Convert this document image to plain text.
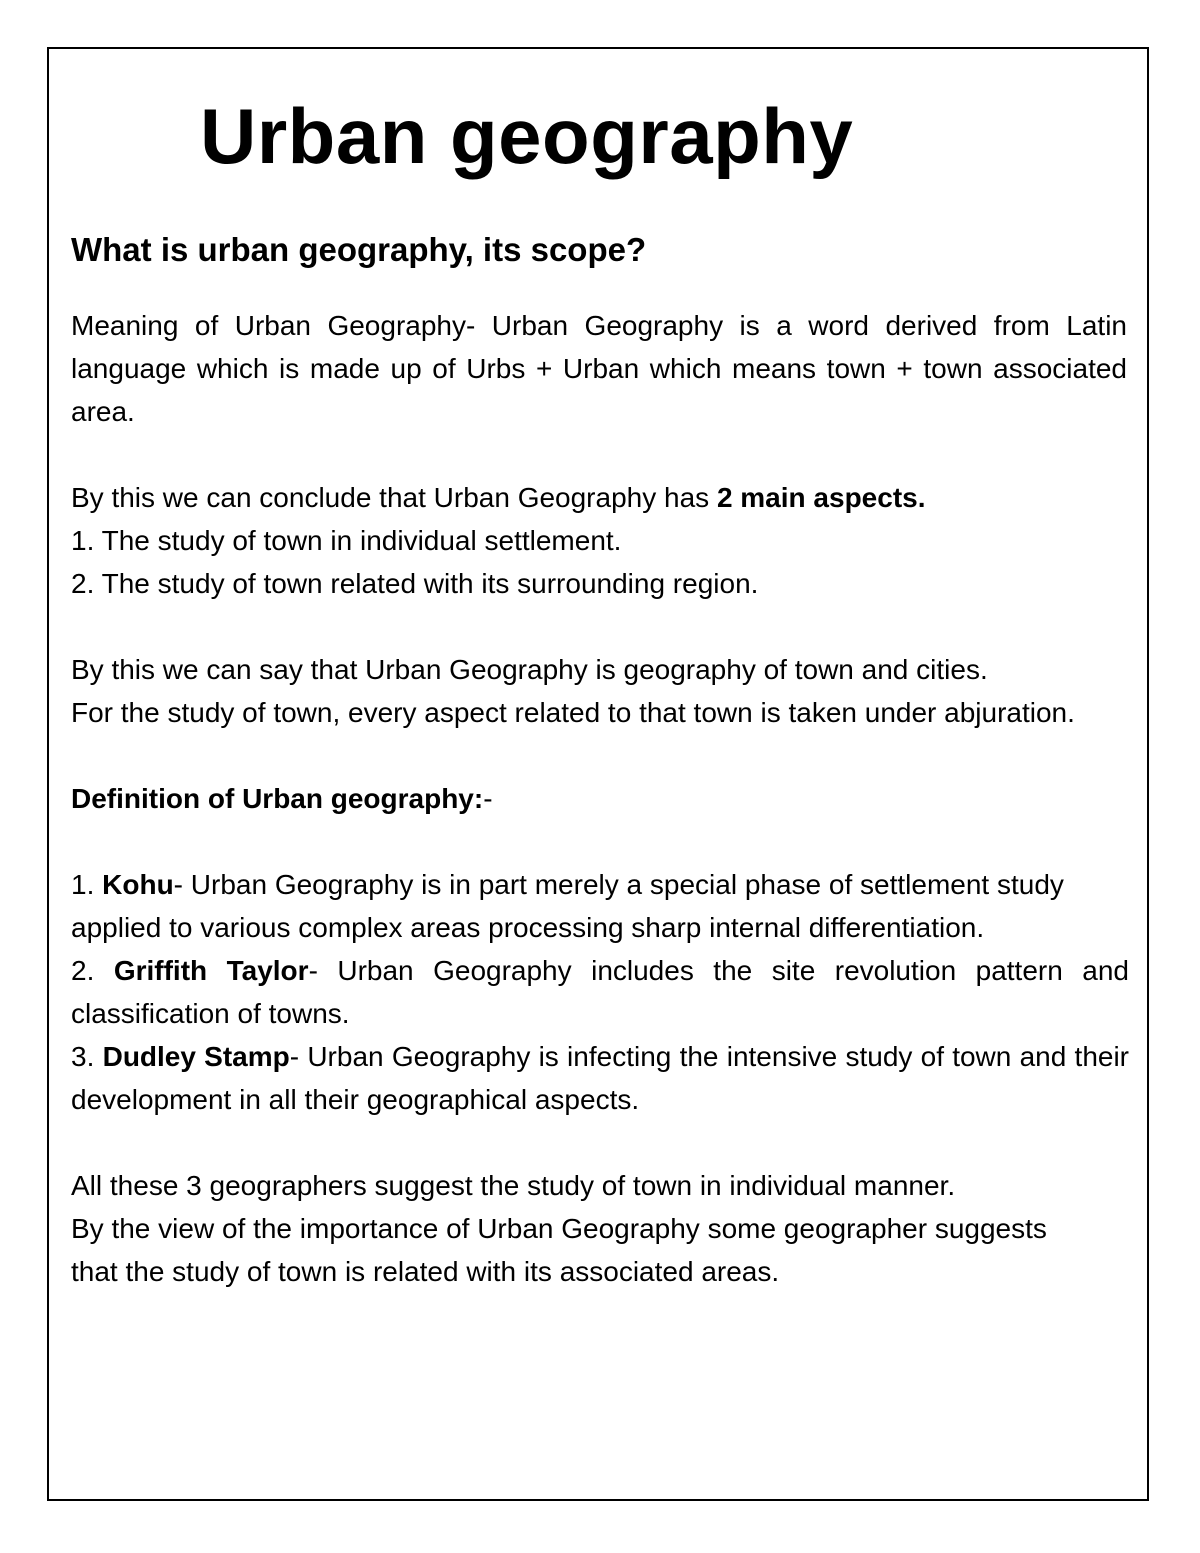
Urban geography
What is urban geography, its scope?

Meaning of Urban Geography- Urban Geography is a word derived from Latin language which is made up of Urbs + Urban which means town + town associated area.

By this we can conclude that Urban Geography has 2 main aspects.

1. The study of town in individual settlement.

2. The study of town related with its surrounding region.

By this we can say that Urban Geography is geography of town and cities.

For the study of town, every aspect related to that town is taken under abjuration.

Definition of Urban geography:-

1. Kohu- Urban Geography is in part merely a special phase of settlement study applied to various complex areas processing sharp internal differentiation.

2. Griffith Taylor- Urban Geography includes the site revolution pattern and classification of towns.

3. Dudley Stamp- Urban Geography is infecting the intensive study of town and their development in all their geographical aspects.

All these 3 geographers suggest the study of town in individual manner.

By the view of the importance of Urban Geography some geographer suggests that the study of town is related with its associated areas.
